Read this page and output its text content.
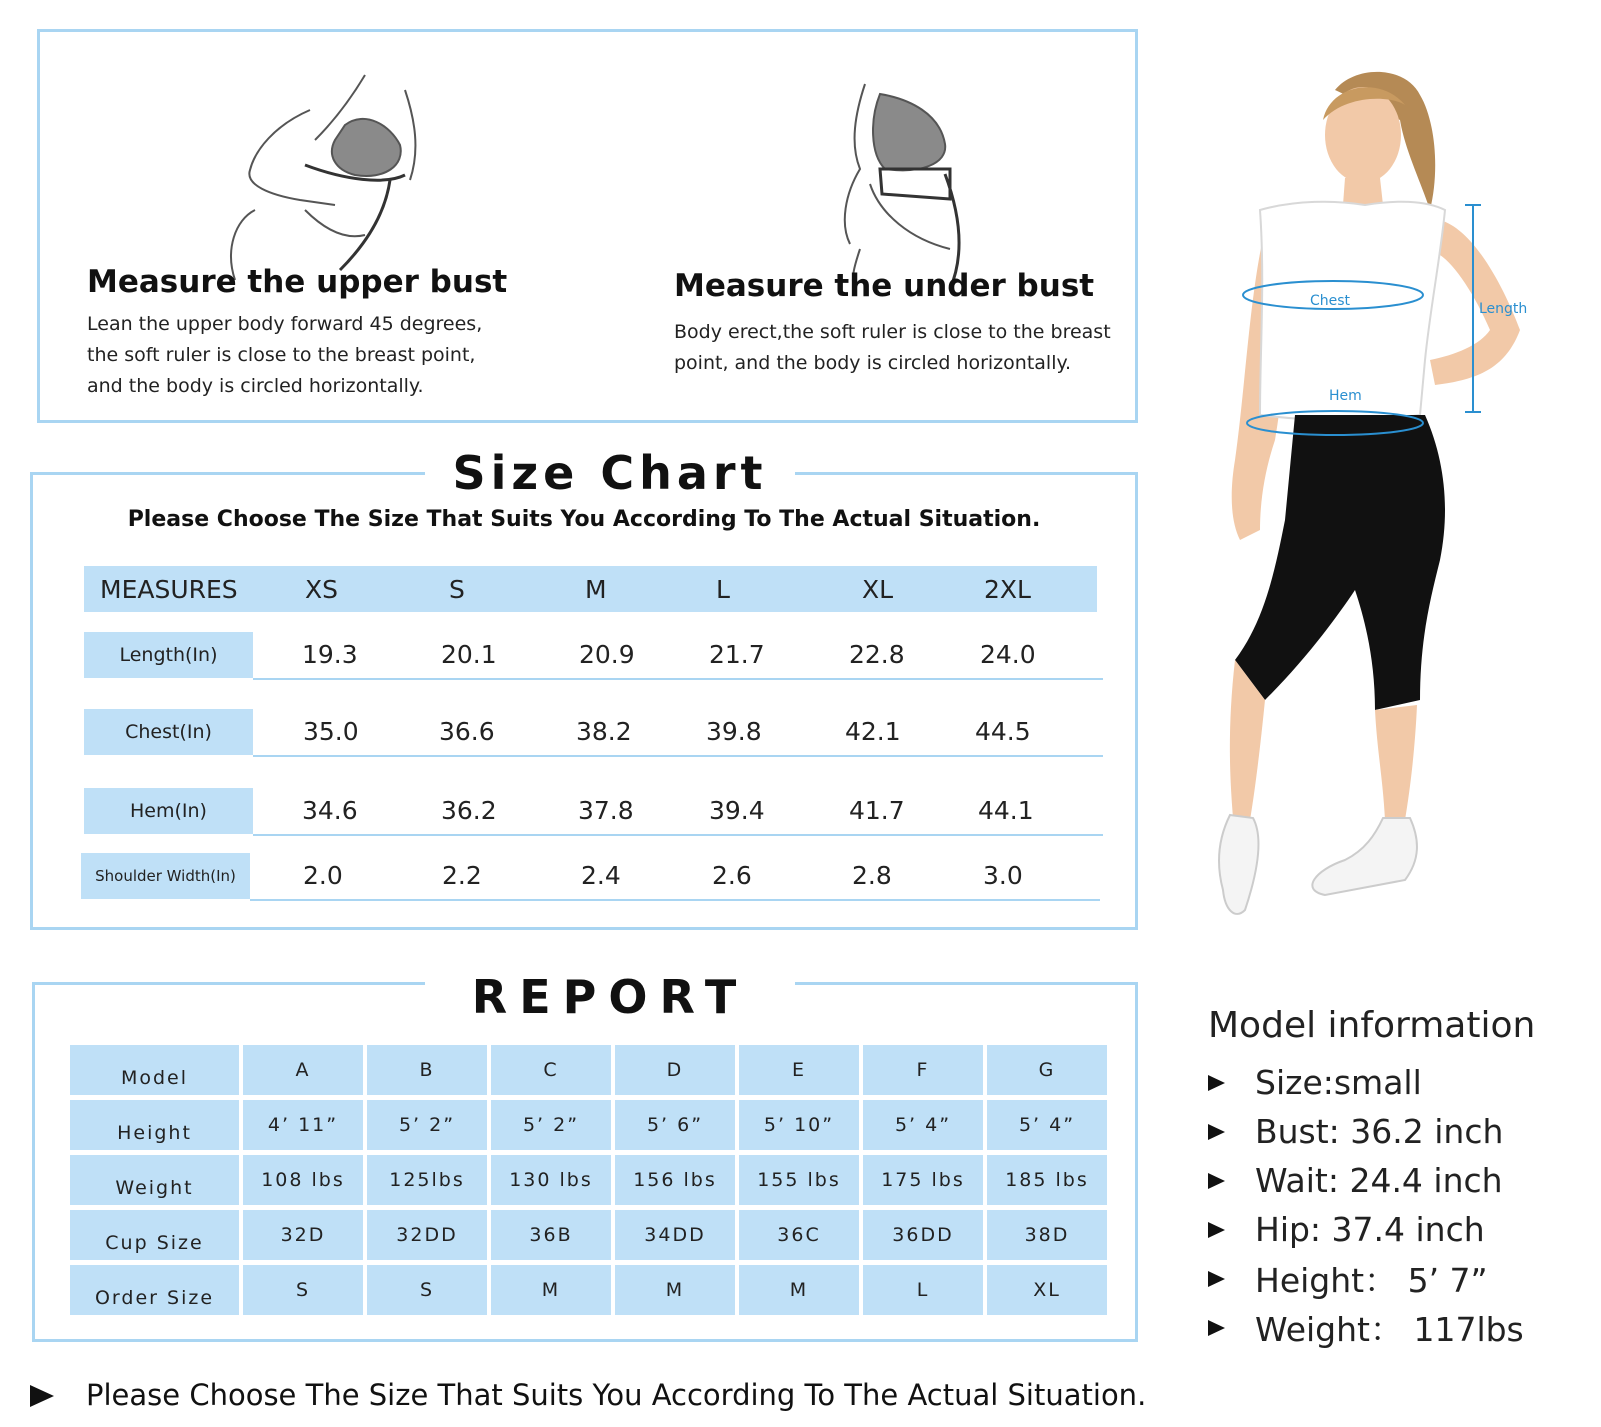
Measure the upper bust
Lean the upper body forward 45 degrees,
the soft ruler is close to the breast point,
and the body is circled horizontally.
Measure the under bust
Body erect,the soft ruler is close to the breast
point, and the body is circled horizontally.
Size Chart
Please Choose The Size That Suits You According To The Actual Situation.
MEASURES	XS	S	M	L	XL	2XL
Length(In)	19.3	20.1	20.9	21.7	22.8	24.0
Chest(In)	35.0	36.6	38.2	39.8	42.1	44.5
Hem(In)	34.6	36.2	37.8	39.4	41.7	44.1
Shoulder Width(In)	2.0	2.2	2.4	2.6	2.8	3.0
REPORT
Model	A	B	C	D	E	F	G
Height	4’ 11”	5’ 2”	5’ 2”	5’ 6”	5’ 10”	5’ 4”	5’ 4”
Weight	108 lbs	125lbs	130 lbs	156 lbs	155 lbs	175 lbs	185 lbs
Cup Size	32D	32DD	36B	34DD	36C	36DD	38D
Order Size	S	S	M	M	M	L	XL
Please Choose The Size That Suits You According To The Actual Situation.
Chest	Length
Hem
Model information
Size:small
Bust: 36.2 inch
Wait: 24.4 inch
Hip: 37.4 inch
Height： 5’ 7”
Weight： 117lbs
